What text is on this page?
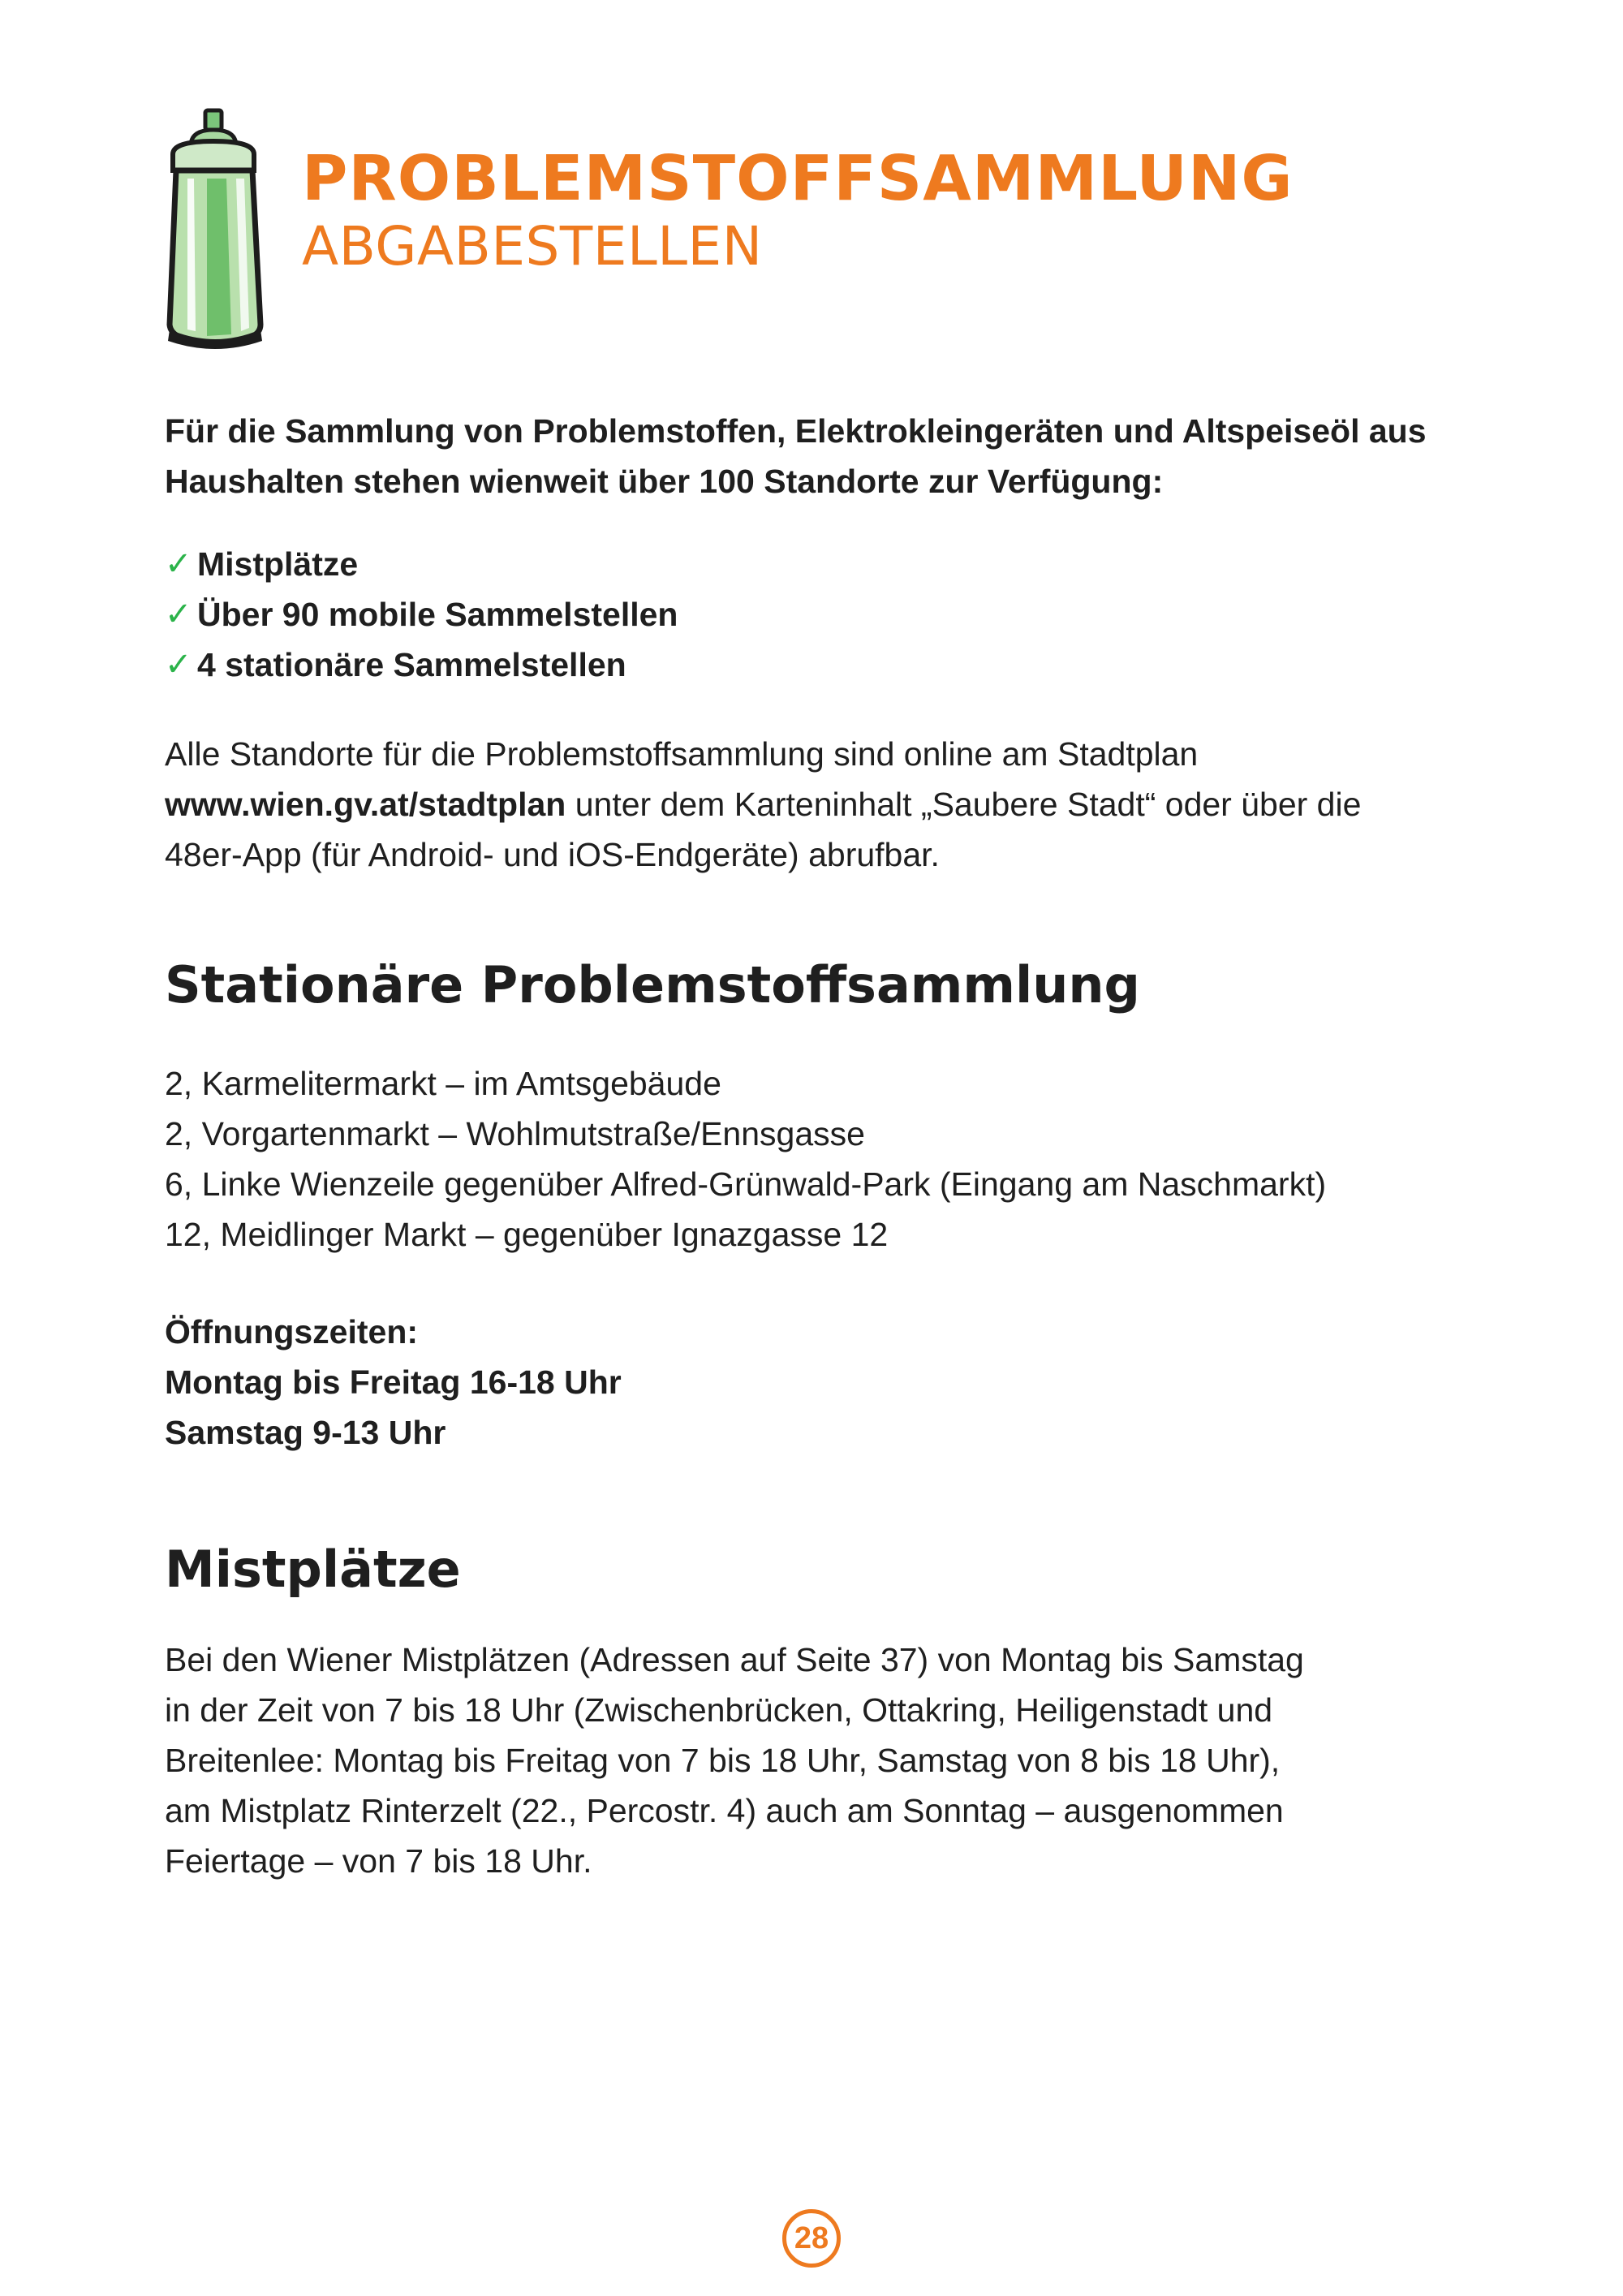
PROBLEMSTOFFSAMMLUNG
ABGABESTELLEN

Für die Sammlung von Problemstoffen, Elektrokleingeräten und Altspeiseöl aus
Haushalten stehen wienweit über 100 Standorte zur Verfügung:

✓ Mistplätze
✓ Über 90 mobile Sammelstellen
✓ 4 stationäre Sammelstellen

Alle Standorte für die Problemstoffsammlung sind online am Stadtplan
www.wien.gv.at/stadtplan unter dem Karteninhalt „Saubere Stadt“ oder über die
48er-App (für Android- und iOS-Endgeräte) abrufbar.

Stationäre Problemstoffsammlung
2, Karmelitermarkt – im Amtsgebäude
2, Vorgartenmarkt – Wohlmutstraße/Ennsgasse
6, Linke Wienzeile gegenüber Alfred-Grünwald-Park (Eingang am Naschmarkt)
12, Meidlinger Markt – gegenüber Ignazgasse 12
Öffnungszeiten:
Montag bis Freitag 16-18 Uhr
Samstag 9-13 Uhr
Mistplätze

Bei den Wiener Mistplätzen (Adressen auf Seite 37) von Montag bis Samstag
in der Zeit von 7 bis 18 Uhr (Zwischenbrücken, Ottakring, Heiligenstadt und
Breitenlee: Montag bis Freitag von 7 bis 18 Uhr, Samstag von 8 bis 18 Uhr),
am Mistplatz Rinterzelt (22., Percostr. 4) auch am Sonntag – ausgenommen
Feiertage – von 7 bis 18 Uhr.

28
